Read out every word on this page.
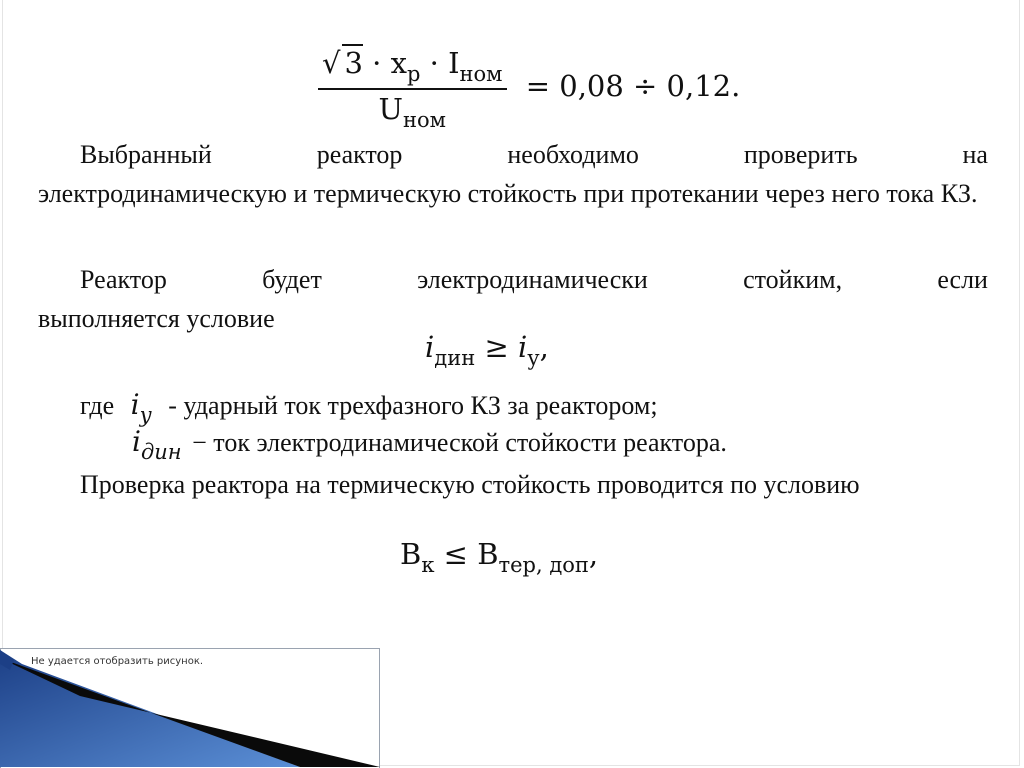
$\frac{√ 3 \cdot x_р \cdot I_{ном}}{U_{ном}} = 0,08 \div 0,12$.
Выбранный	реактор	необходимо	проверить	на

электродинамическую и термическую стойкость при протекании через него тока КЗ.

Реактор	будет	электродинамически	стойким,	если

выполняется условие

$i_{дин} \ge i_у$,
где $i_у$ - ударный ток трехфазного КЗ за реактором;
$i_{дин}$ − ток электродинамической стойкости реактора.

Проверка реактора на термическую стойкость проводится по условию

$B_к \le B_{тер, доп}$,
Не удается отобразить рисунок.
